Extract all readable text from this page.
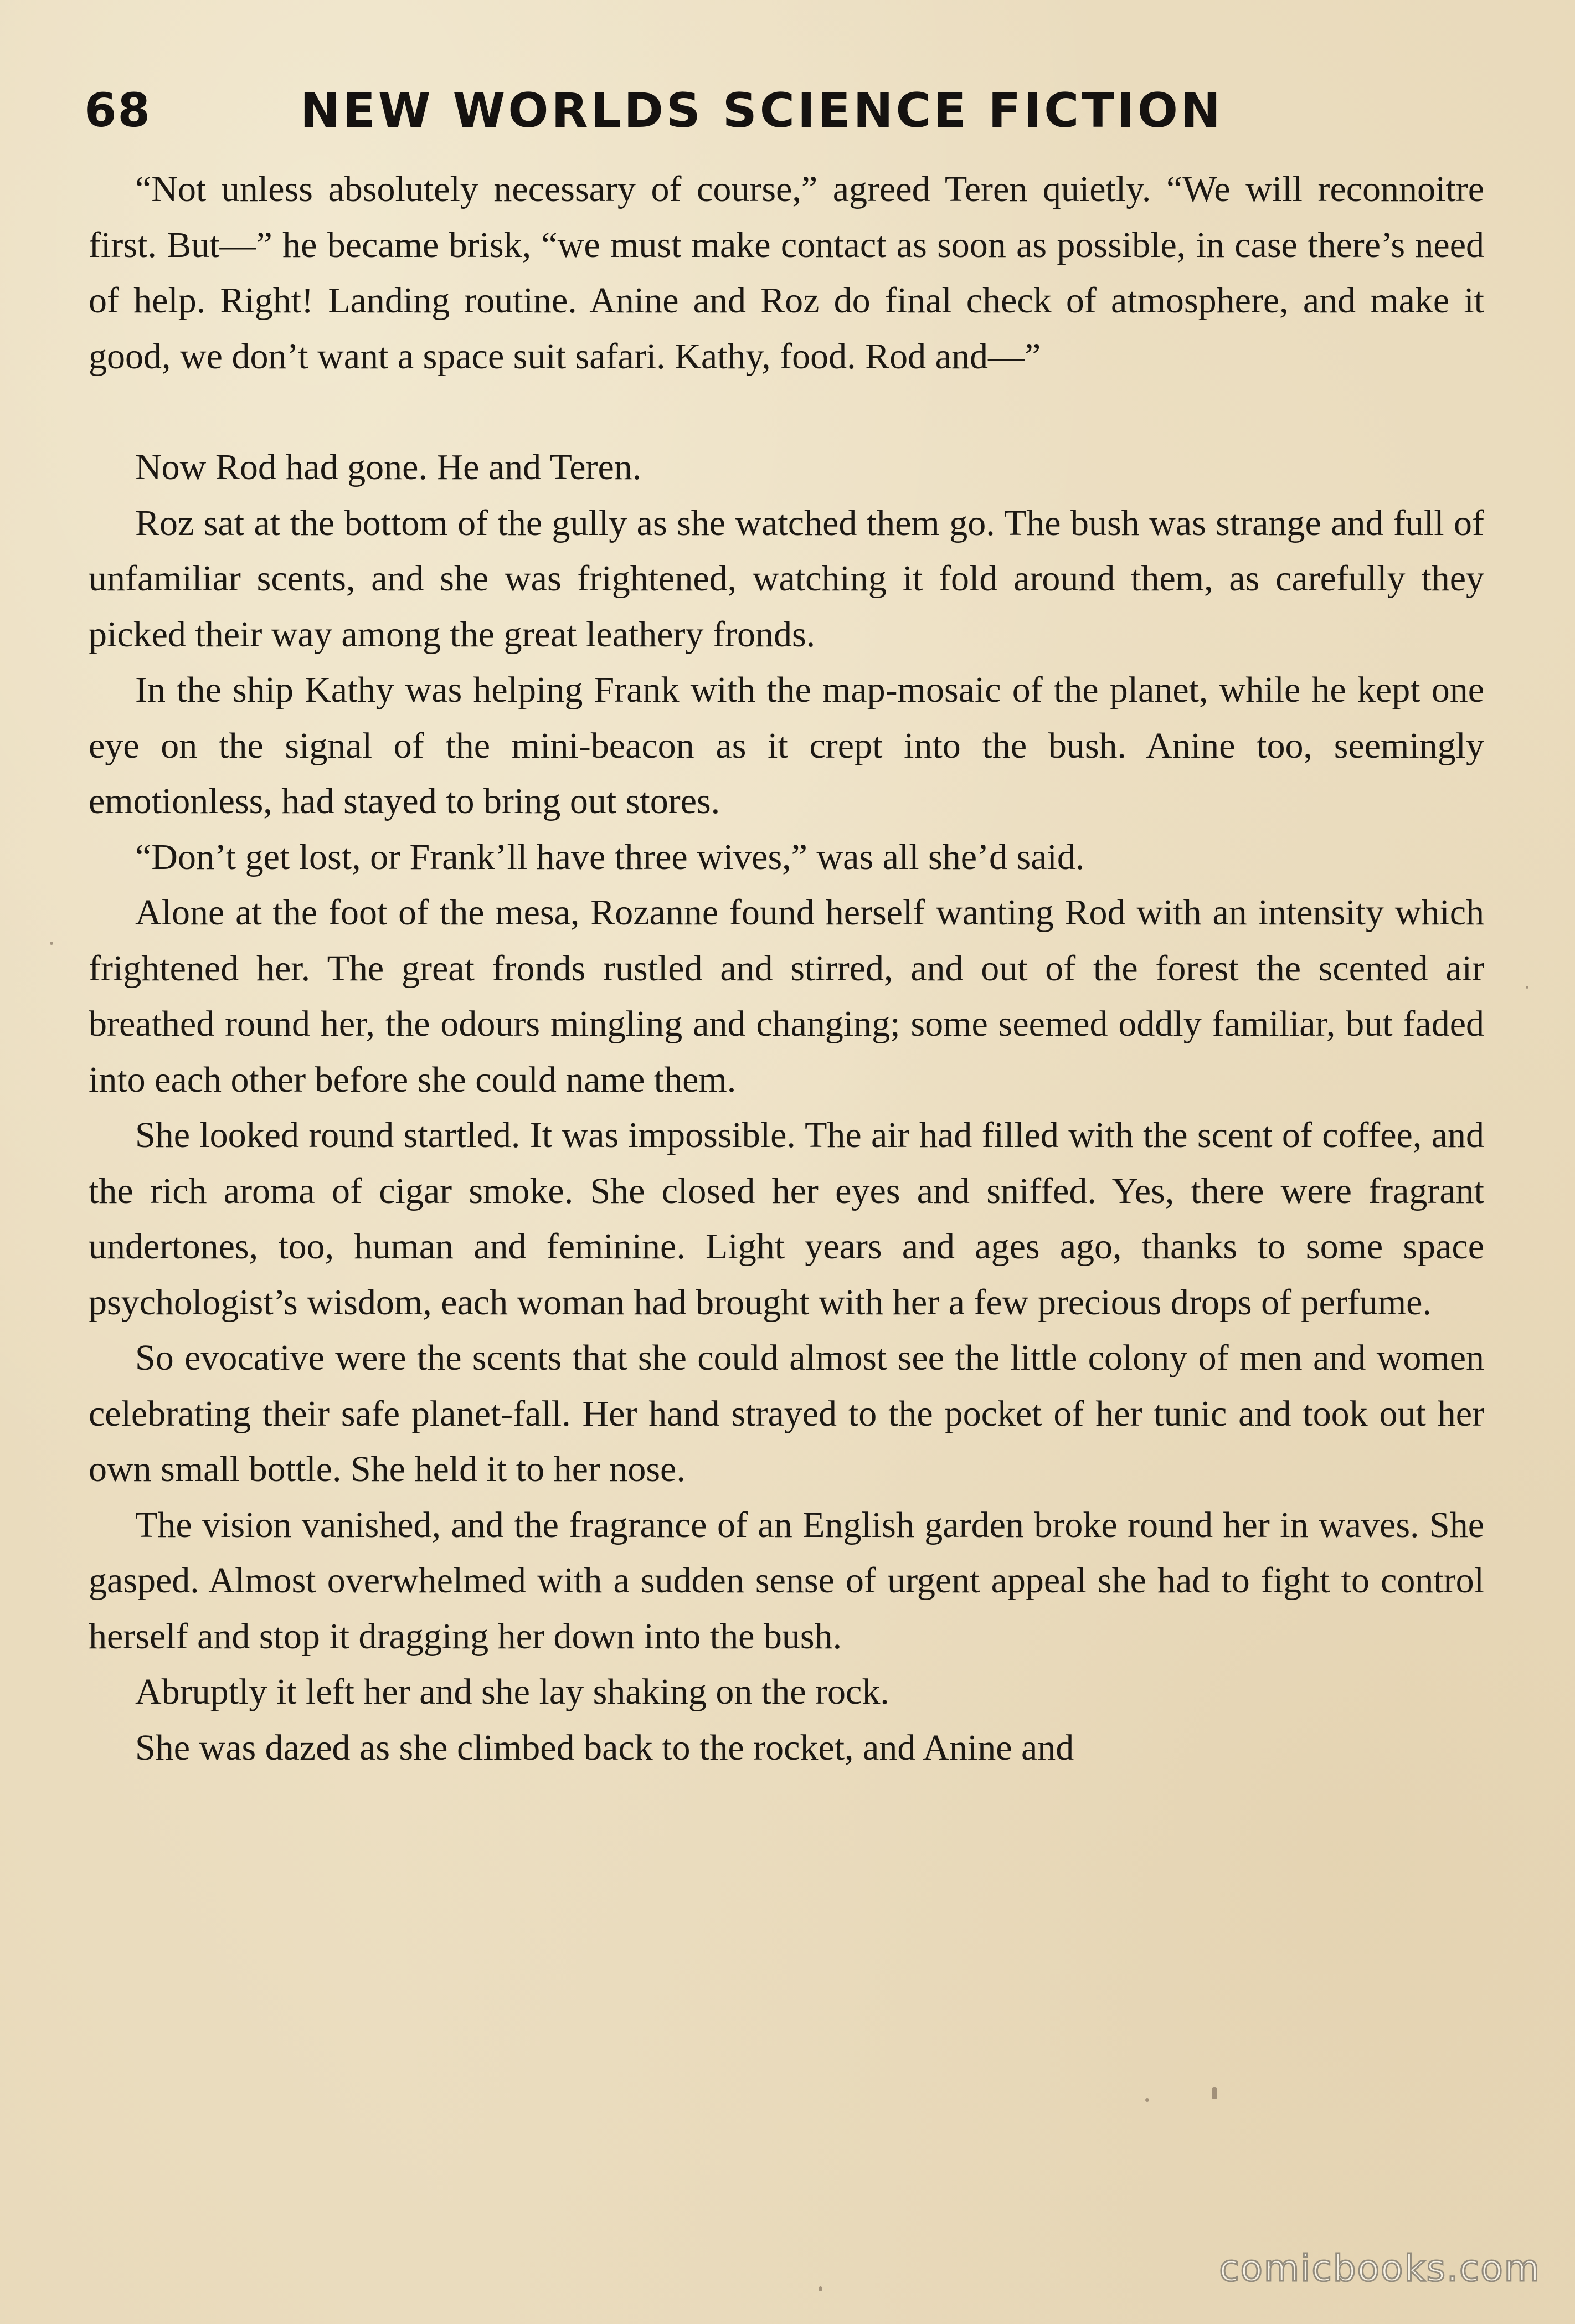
68	NEW WORLDS SCIENCE FICTION

“Not unless absolutely necessary of course,” agreed Teren quietly. “We will reconnoitre first. But—” he became brisk, “we must make contact as soon as possible, in case there’s need of help. Right! Landing routine. Anine and Roz do final check of atmosphere, and make it good, we don’t want a space suit safari. Kathy, food. Rod and—”

Now Rod had gone. He and Teren.

Roz sat at the bottom of the gully as she watched them go. The bush was strange and full of unfamiliar scents, and she was frightened, watching it fold around them, as carefully they picked their way among the great leathery fronds.

In the ship Kathy was helping Frank with the map-mosaic of the planet, while he kept one eye on the signal of the mini-beacon as it crept into the bush. Anine too, seemingly emotionless, had stayed to bring out stores.

“Don’t get lost, or Frank’ll have three wives,” was all she’d said.

Alone at the foot of the mesa, Rozanne found herself wanting Rod with an intensity which frightened her. The great fronds rustled and stirred, and out of the forest the scented air breathed round her, the odours mingling and changing; some seemed oddly familiar, but faded into each other before she could name them.

She looked round startled. It was impossible. The air had filled with the scent of coffee, and the rich aroma of cigar smoke. She closed her eyes and sniffed. Yes, there were fragrant undertones, too, human and feminine. Light years and ages ago, thanks to some space psychologist’s wisdom, each woman had brought with her a few precious drops of perfume.

So evocative were the scents that she could almost see the little colony of men and women celebrating their safe planet-fall. Her hand strayed to the pocket of her tunic and took out her own small bottle. She held it to her nose.

The vision vanished, and the fragrance of an English garden broke round her in waves. She gasped. Almost overwhelmed with a sudden sense of urgent appeal she had to fight to control herself and stop it dragging her down into the bush.

Abruptly it left her and she lay shaking on the rock.

She was dazed as she climbed back to the rocket, and Anine and

comicbooks.com
